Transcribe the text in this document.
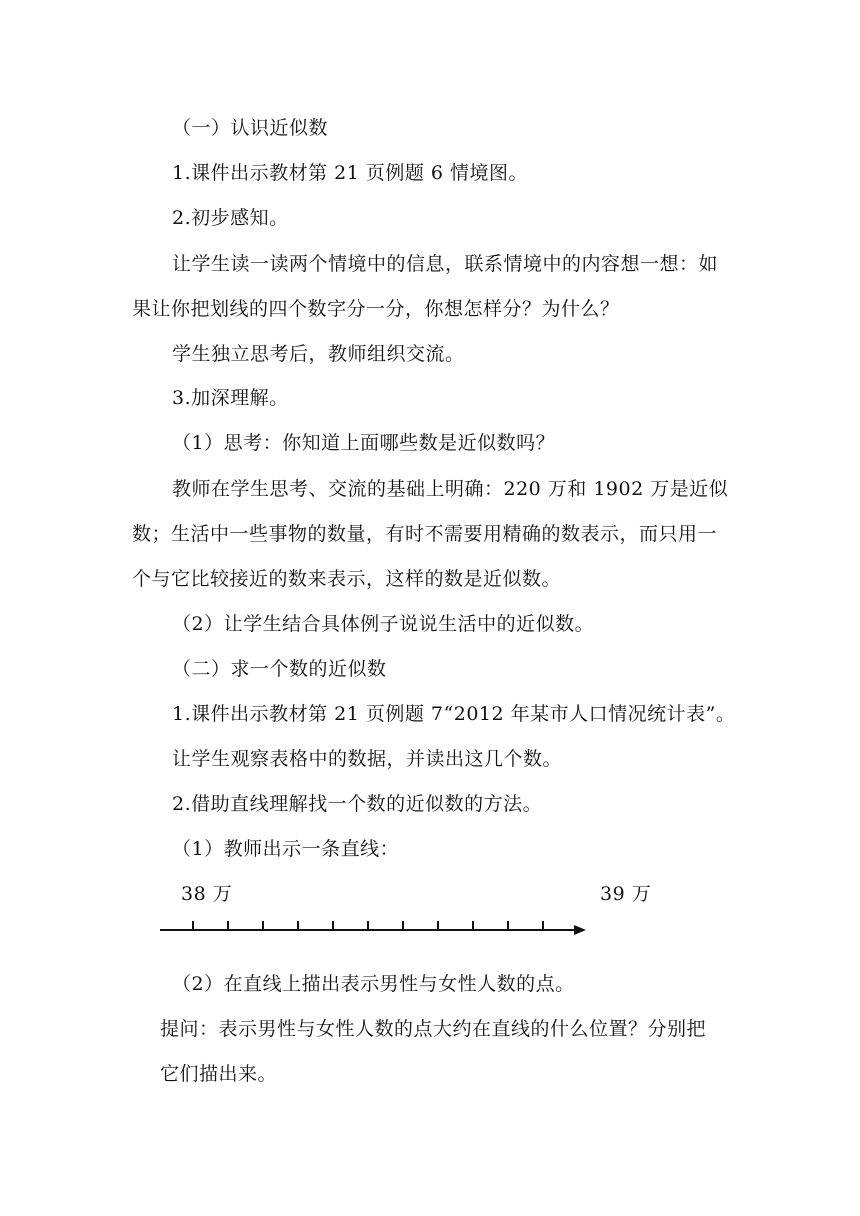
（一）认识近似数
1.课件出示教材第 21 页例题 6 情境图。
2.初步感知。
让学生读一读两个情境中的信息，联系情境中的内容想一想：如
果让你把划线的四个数字分一分，你想怎样分？为什么？
学生独立思考后，教师组织交流。
3.加深理解。
（1）思考：你知道上面哪些数是近似数吗？
教师在学生思考、交流的基础上明确：220 万和 1902 万是近似
数；生活中一些事物的数量，有时不需要用精确的数表示，而只用一
个与它比较接近的数来表示，这样的数是近似数。
（2）让学生结合具体例子说说生活中的近似数。
（二）求一个数的近似数
1.课件出示教材第 21 页例题 7“2012 年某市人口情况统计表”。
让学生观察表格中的数据，并读出这几个数。
2.借助直线理解找一个数的近似数的方法。
（1）教师出示一条直线：
38 万	39 万
（2）在直线上描出表示男性与女性人数的点。
提问：表示男性与女性人数的点大约在直线的什么位置？分别把
它们描出来。
